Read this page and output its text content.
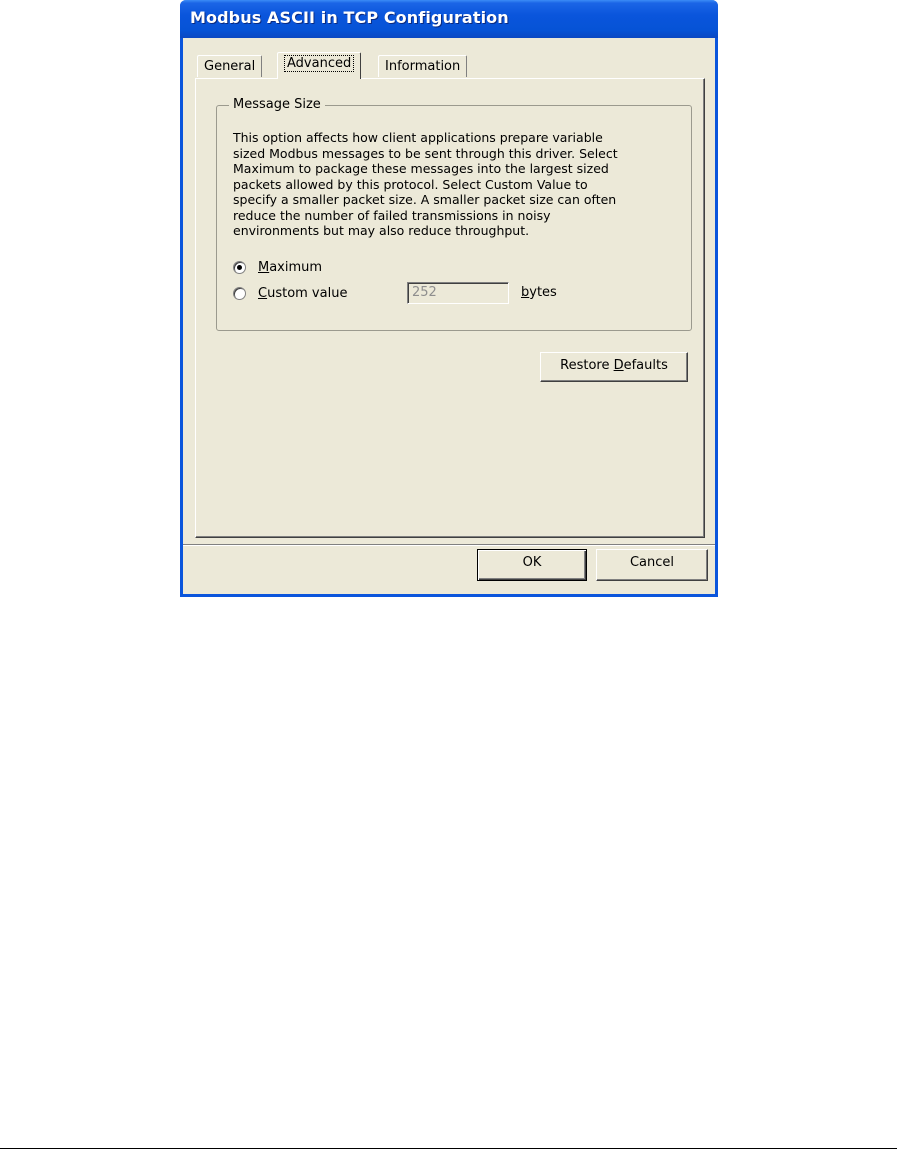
Modbus ASCII in TCP Configuration
General	Advanced	Information
Message Size
This option affects how client applications prepare variable
sized Modbus messages to be sent through this driver. Select
Maximum to package these messages into the largest sized
packets allowed by this protocol. Select Custom Value to
specify a smaller packet size. A smaller packet size can often
reduce the number of failed transmissions in noisy
environments but may also reduce throughput.
Maximum
Custom value	252	bytes
Restore Defaults
OK	Cancel
